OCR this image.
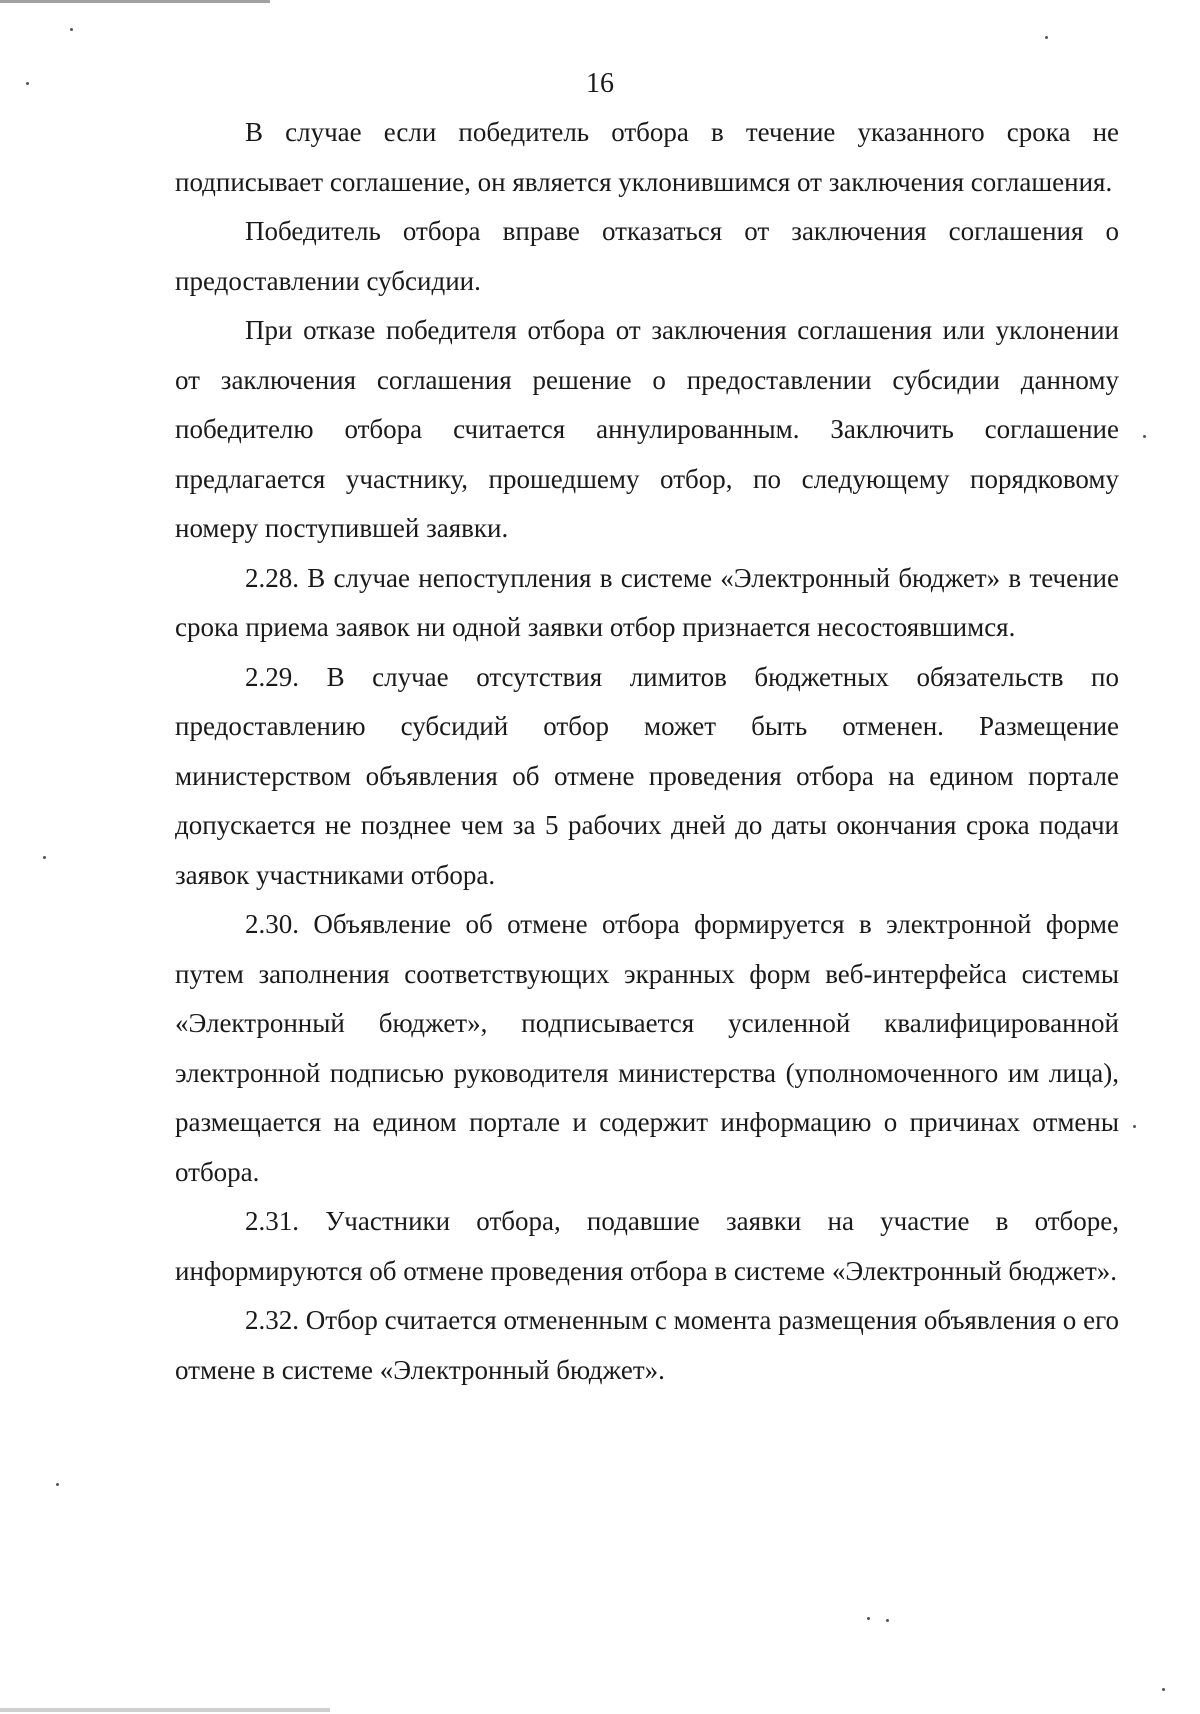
16

В случае если победитель отбора в течение указанного срока не подписывает соглашение, он является уклонившимся от заключения соглашения.

Победитель отбора вправе отказаться от заключения соглашения о предоставлении субсидии.

При отказе победителя отбора от заключения соглашения или уклонении от заключения соглашения решение о предоставлении субсидии данному победителю отбора считается аннулированным. Заключить соглашение предлагается участнику, прошедшему отбор, по следующему порядковому номеру поступившей заявки.

2.28. В случае непоступления в системе «Электронный бюджет» в течение срока приема заявок ни одной заявки отбор признается несостоявшимся.

2.29. В случае отсутствия лимитов бюджетных обязательств по предоставлению субсидий отбор может быть отменен. Размещение министерством объявления об отмене проведения отбора на едином портале допускается не позднее чем за 5 рабочих дней до даты окончания срока подачи заявок участниками отбора.

2.30. Объявление об отмене отбора формируется в электронной форме путем заполнения соответствующих экранных форм веб-интерфейса системы «Электронный бюджет», подписывается усиленной квалифицированной электронной подписью руководителя министерства (уполномоченного им лица), размещается на едином портале и содержит информацию о причинах отмены отбора.

2.31. Участники отбора, подавшие заявки на участие в отборе, информируются об отмене проведения отбора в системе «Электронный бюджет».

2.32. Отбор считается отмененным с момента размещения объявления о его отмене в системе «Электронный бюджет».
